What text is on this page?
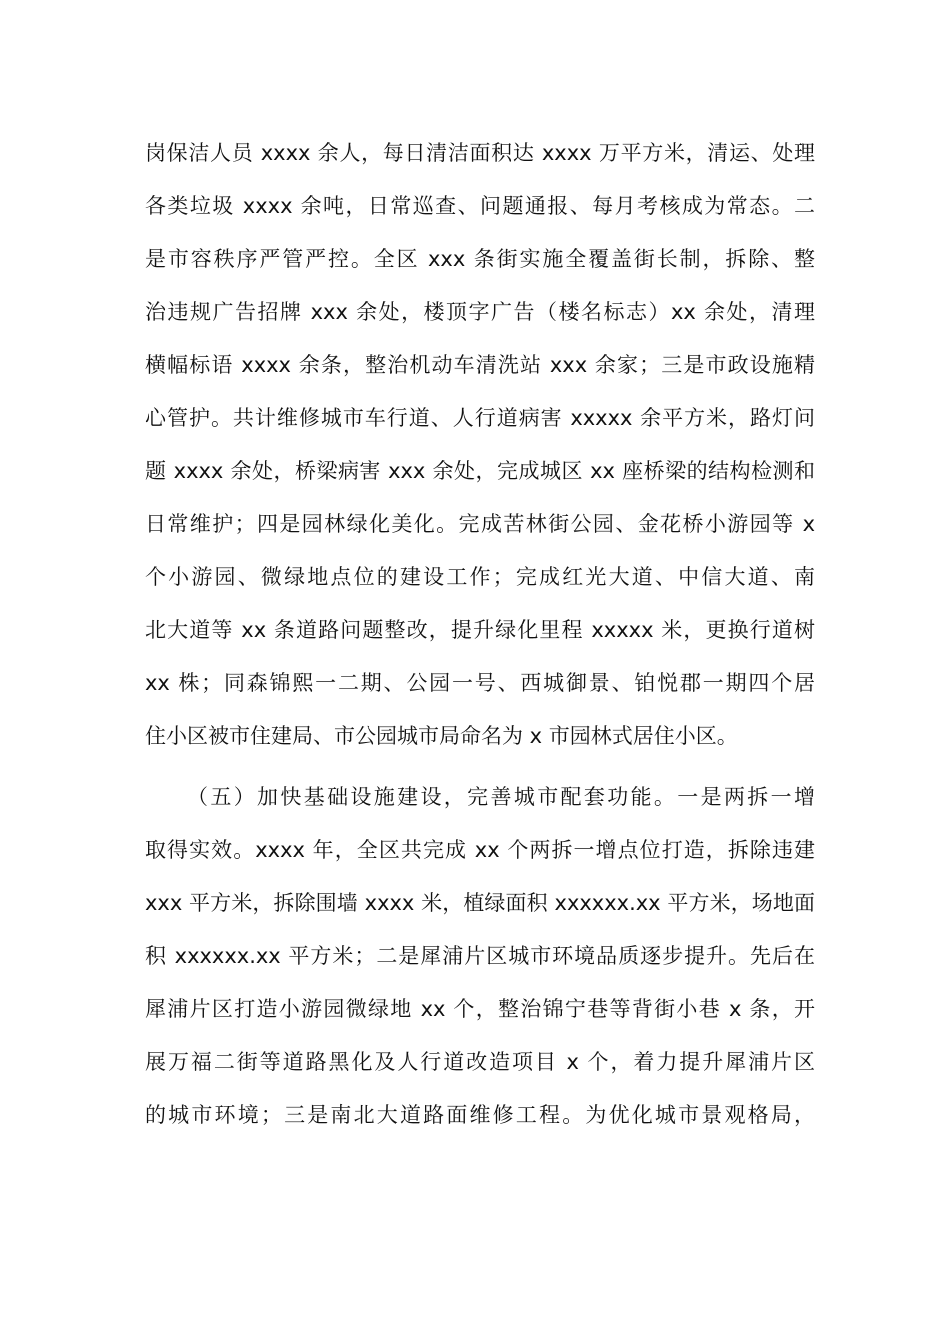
岗保洁人员 xxxx 余人，每日清洁面积达 xxxx 万平方米，清运、处理
各类垃圾 xxxx 余吨，日常巡查、问题通报、每月考核成为常态。二
是市容秩序严管严控。全区 xxx 条街实施全覆盖街长制，拆除、整
治违规广告招牌 xxx 余处，楼顶字广告（楼名标志）xx 余处，清理
横幅标语 xxxx 余条，整治机动车清洗站 xxx 余家；三是市政设施精
心管护。共计维修城市车行道、人行道病害 xxxxx 余平方米，路灯问
题 xxxx 余处，桥梁病害 xxx 余处，完成城区 xx 座桥梁的结构检测和
日常维护；四是园林绿化美化。完成苦林街公园、金花桥小游园等 x
个小游园、微绿地点位的建设工作；完成红光大道、中信大道、南
北大道等 xx 条道路问题整改，提升绿化里程 xxxxx 米，更换行道树
xx 株；同森锦熙一二期、公园一号、西城御景、铂悦郡一期四个居
住小区被市住建局、市公园城市局命名为 x 市园林式居住小区。
（五）加快基础设施建设，完善城市配套功能。一是两拆一增
取得实效。xxxx 年，全区共完成 xx 个两拆一增点位打造，拆除违建
xxx 平方米，拆除围墙 xxxx 米，植绿面积 xxxxxx.xx 平方米，场地面
积 xxxxxx.xx 平方米；二是犀浦片区城市环境品质逐步提升。先后在
犀浦片区打造小游园微绿地 xx 个，整治锦宁巷等背街小巷 x 条，开
展万福二街等道路黑化及人行道改造项目 x 个，着力提升犀浦片区
的城市环境；三是南北大道路面维修工程。为优化城市景观格局，
